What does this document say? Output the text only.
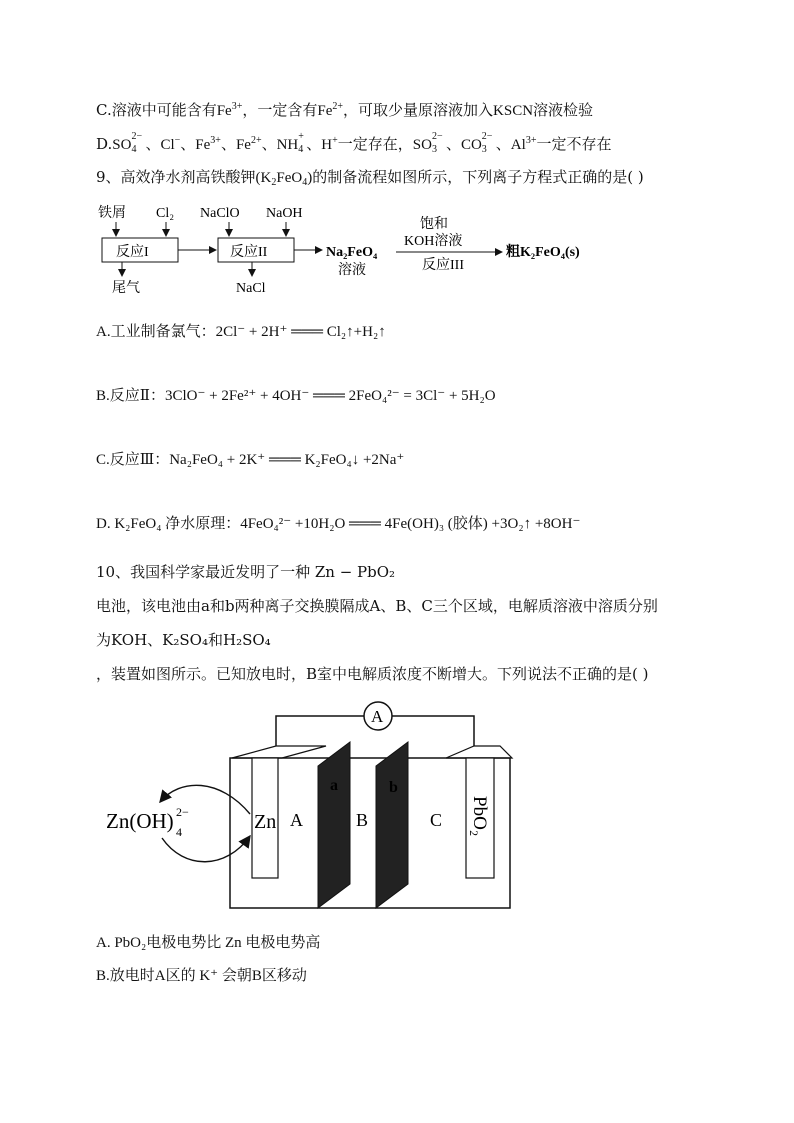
C.溶液中可能含有$Fe^{3+}$，一定含有$Fe^{2+}$，可取少量原溶液加入KSCN溶液检验
D.SO
2−
4 、Cl−、$Fe^{3+}$、$Fe^{2+}$、NH
+
4 、H+一定存在，SO
2−
3 、CO
2−
3 、$Al^{3+}$一定不存在
9、高效净水剂高铁酸钾$(K_2FeO_4)$的制备流程如图所示，下列离子方程式正确的是( )
铁屑 Cl₂ NaClO NaOH
反应I	反应II
尾气	NaCl
Na₂FeO₄
溶液
饱和
KOH溶液
反应III
粗K₂FeO₄(s)
A.工业制备氯气：2Cl⁻ + 2H⁺ ═══ Cl₂↑+H₂↑
B.反应Ⅱ：3ClO⁻ + 2Fe²⁺ + 4OH⁻ ═══ 2FeO₄²⁻ = 3Cl⁻ + 5H₂O
C.反应Ⅲ：Na₂FeO₄ + 2K⁺ ═══ K₂FeO₄↓ +2Na⁺
D. K₂FeO₄ 净水原理：4FeO₄²⁻ +10H₂O ═══ 4Fe(OH)₃ (胶体) +3O₂↑ +8OH⁻
10、我国科学家最近发明了一种 Zn − PbO₂
电池，该电池由a和b两种离子交换膜隔成A、B、C三个区域，电解质溶液中溶质分别
为KOH、K₂SO₄和H₂SO₄
，装置如图所示。已知放电时，B室中电解质浓度不断增大。下列说法不正确的是( )
A
a	b
Zn A	B	C PbO₂
Zn(OH) 2−
4
A. PbO₂电极电势比 Zn 电极电势高
B.放电时A区的 K⁺ 会朝B区移动
